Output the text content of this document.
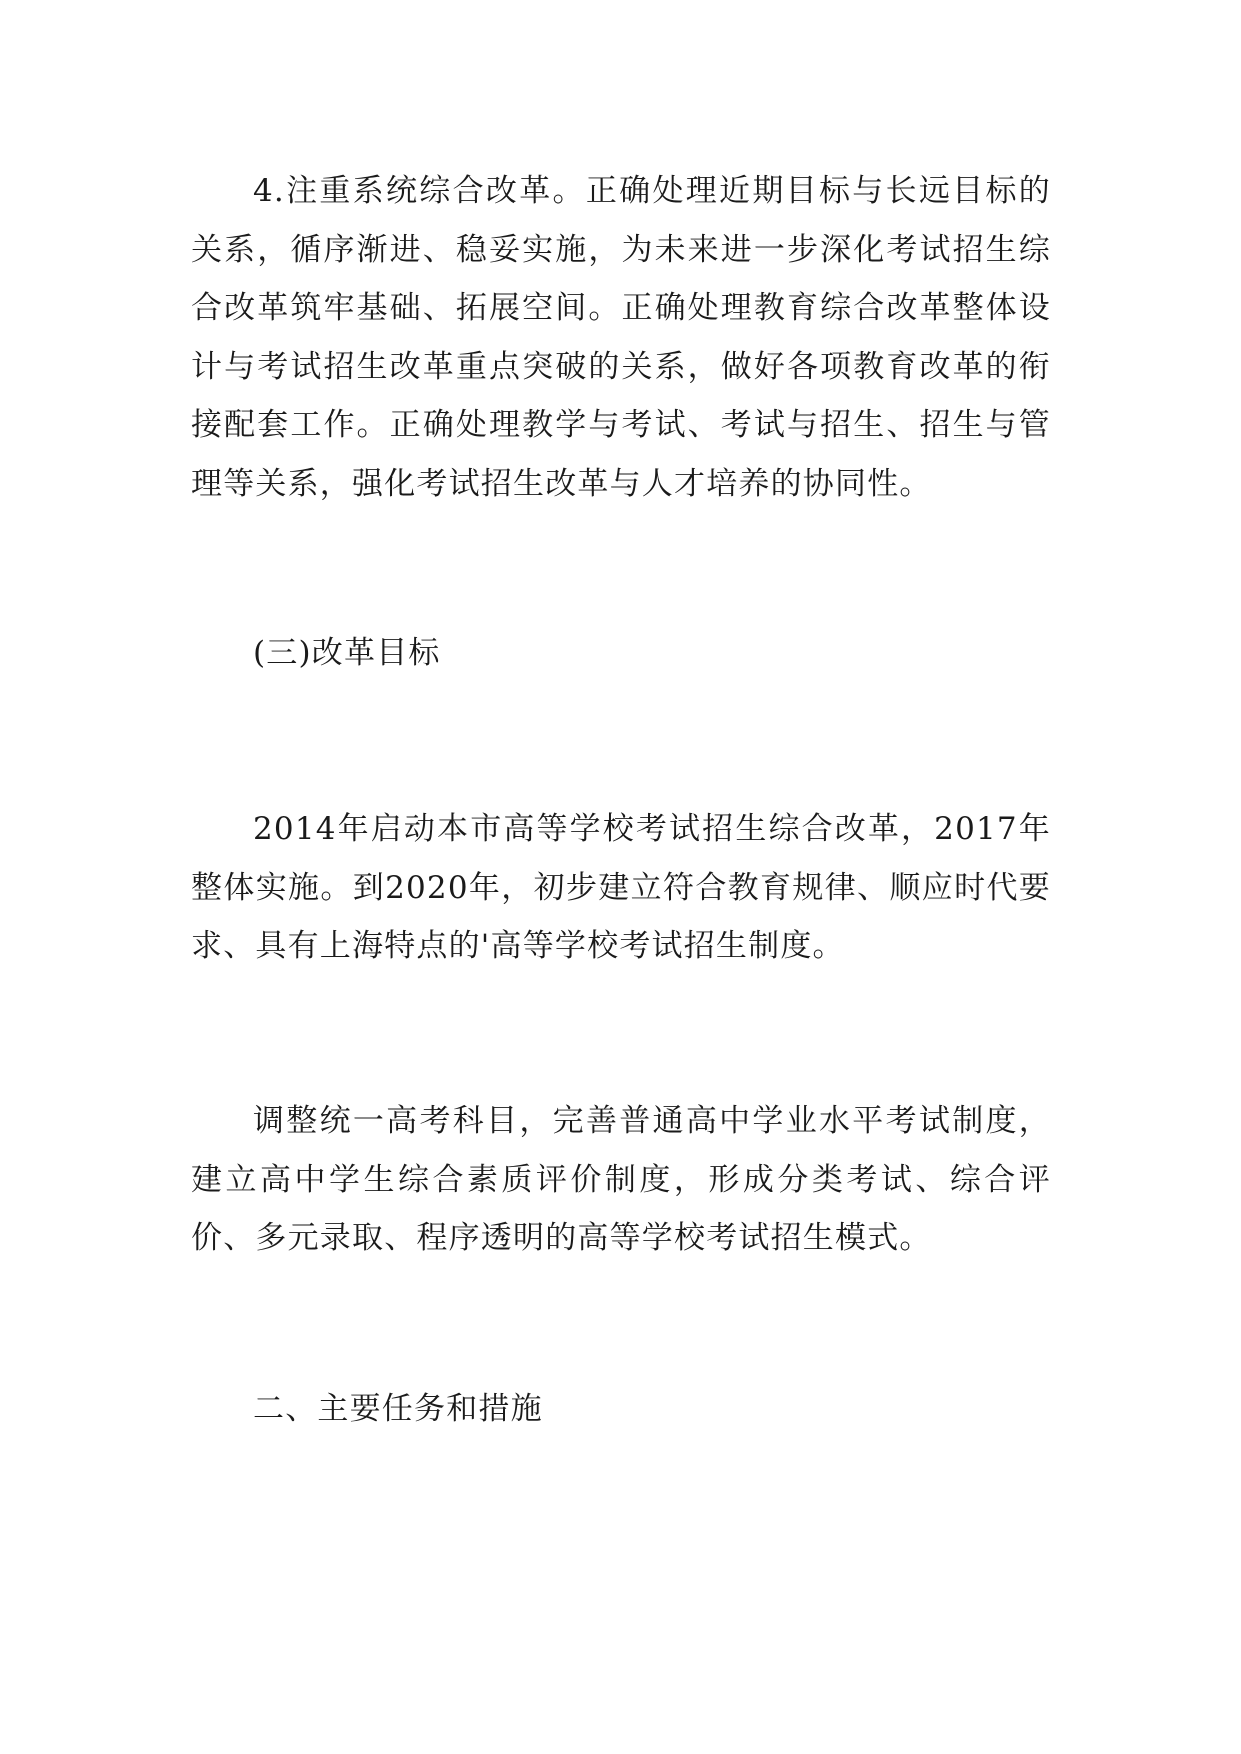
4.注重系统综合改革。正确处理近期目标与长远目标的关系，循序渐进、稳妥实施，为未来进一步深化考试招生综合改革筑牢基础、拓展空间。正确处理教育综合改革整体设计与考试招生改革重点突破的关系，做好各项教育改革的衔接配套工作。正确处理教学与考试、考试与招生、招生与管理等关系，强化考试招生改革与人才培养的协同性。

(三)改革目标

2014年启动本市高等学校考试招生综合改革，2017年整体实施。到2020年，初步建立符合教育规律、顺应时代要求、具有上海特点的'高等学校考试招生制度。

调整统一高考科目，完善普通高中学业水平考试制度，建立高中学生综合素质评价制度，形成分类考试、综合评价、多元录取、程序透明的高等学校考试招生模式。

二、主要任务和措施
